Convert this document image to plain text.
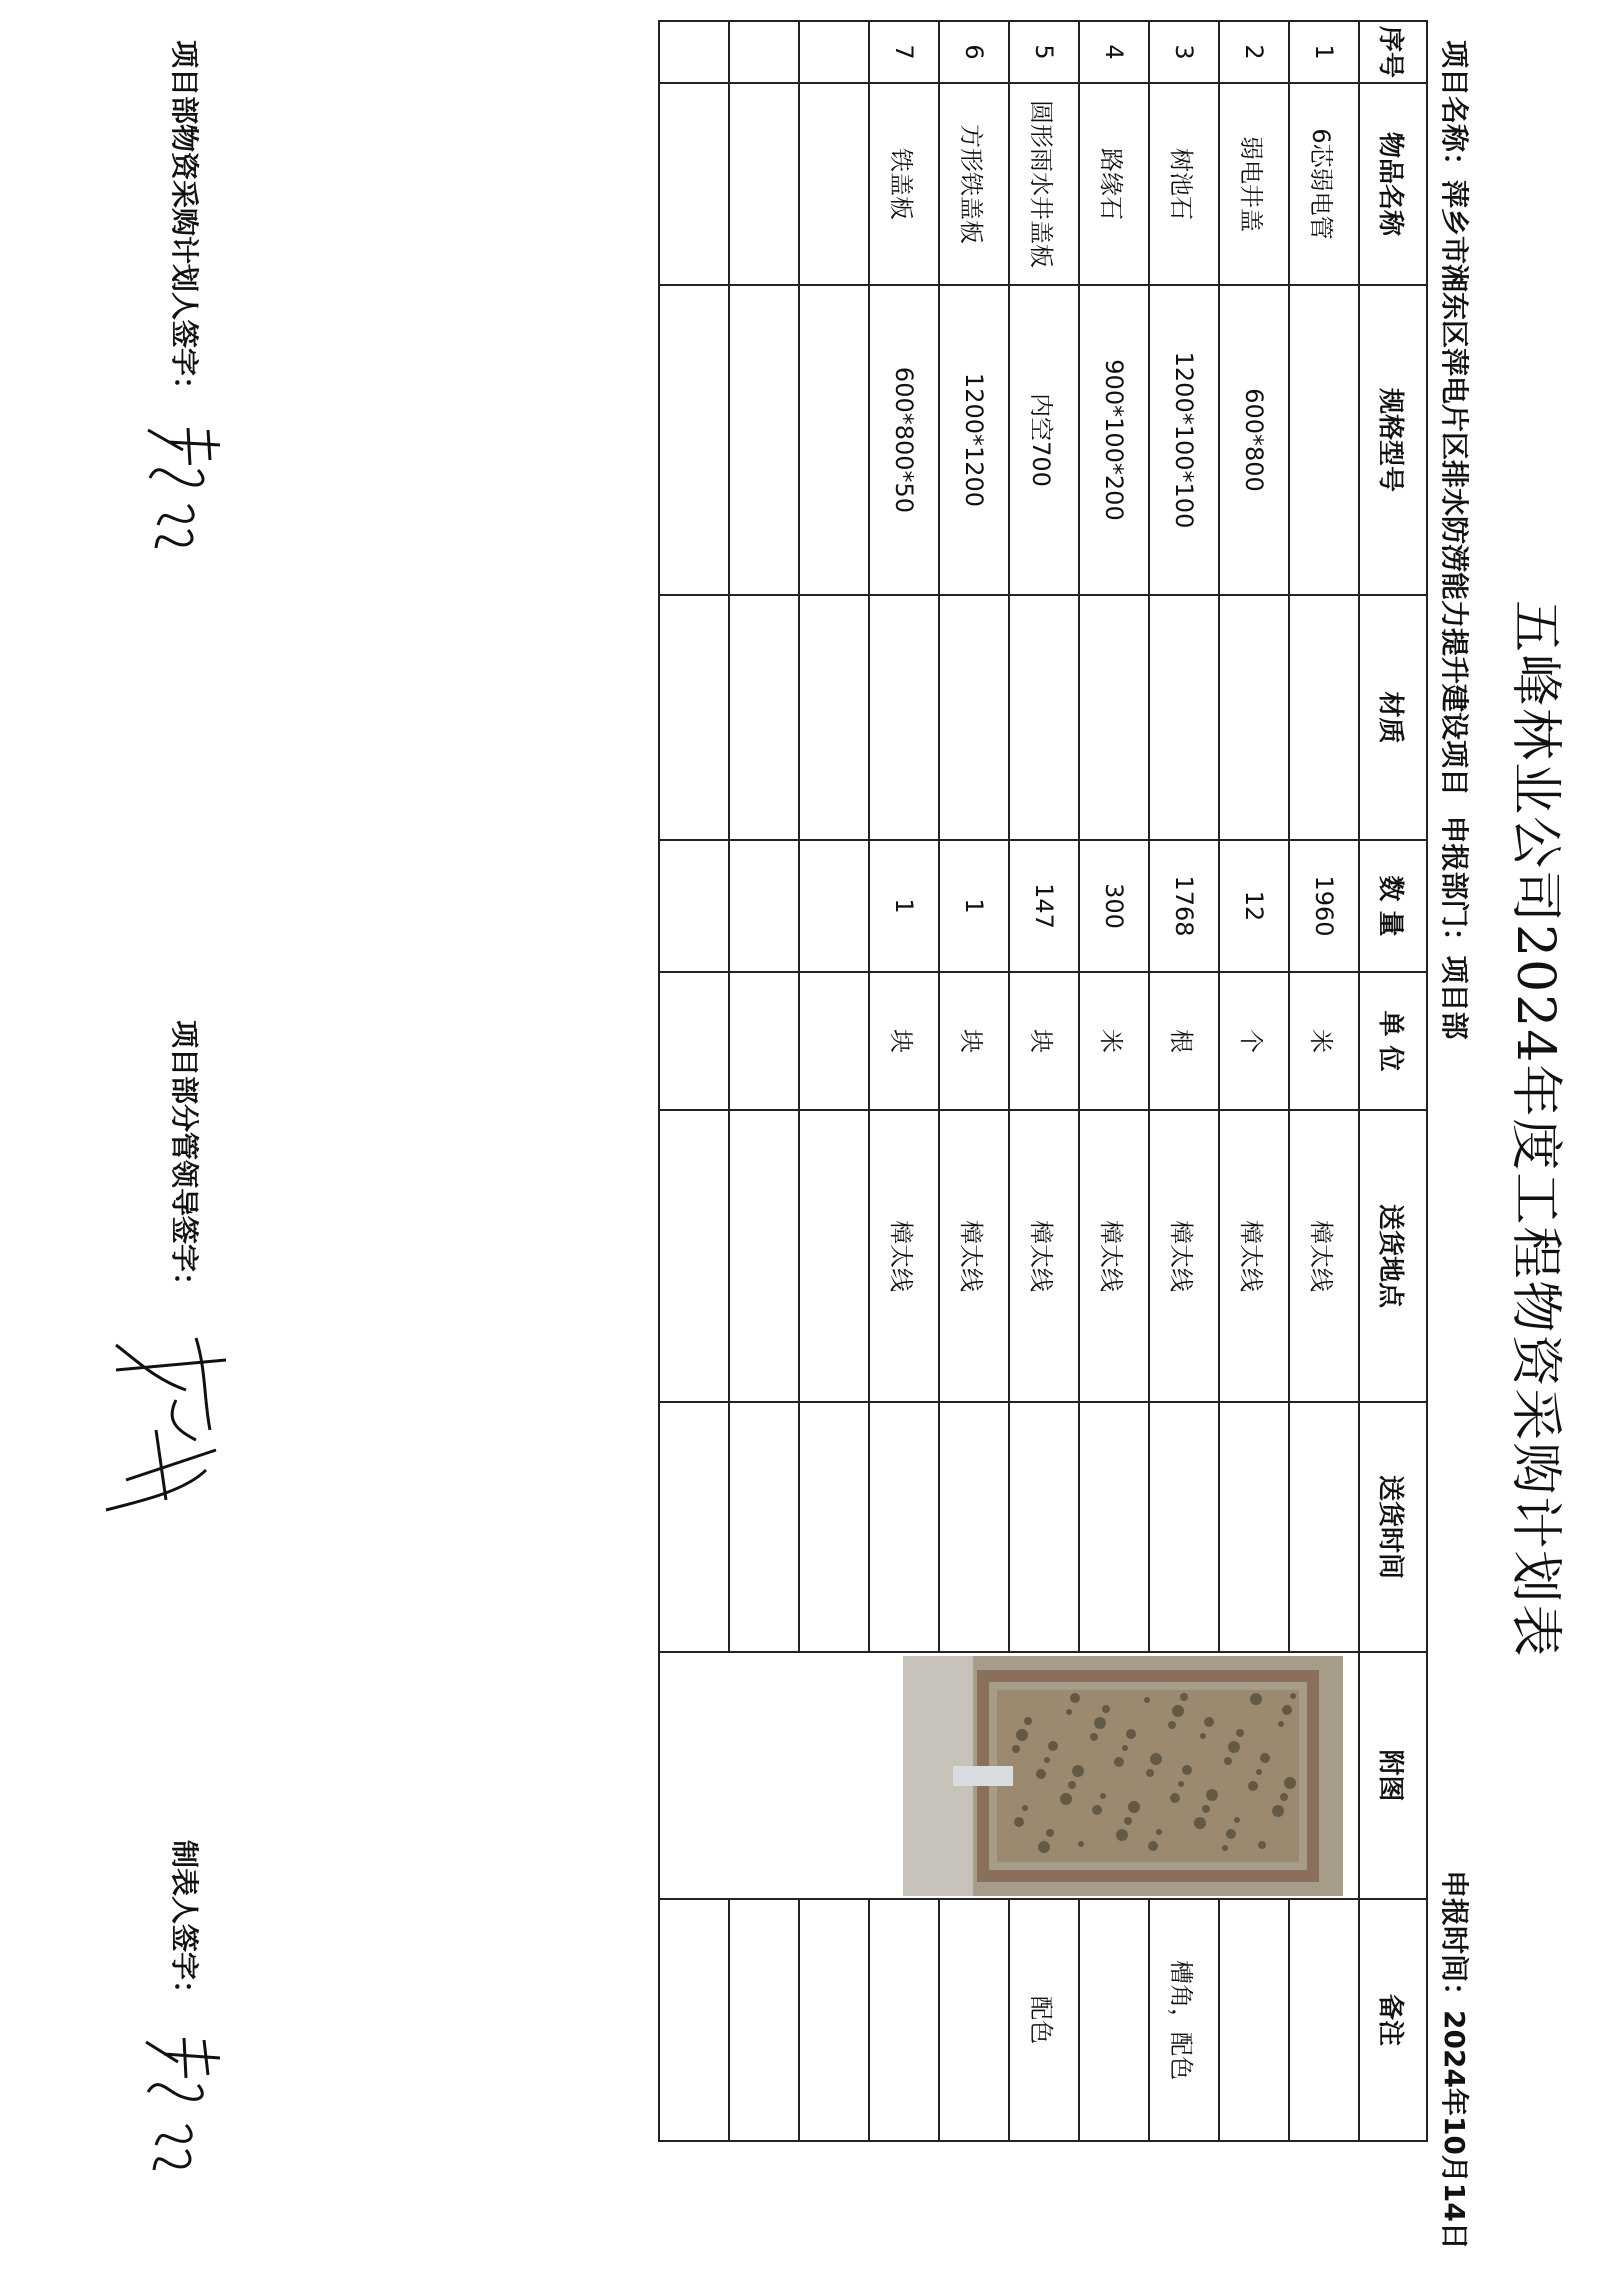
五峰林业公司2024年度工程物资采购计划表
项目名称：萍乡市湘东区萍电片区排水防涝能力提升建设项目  申报部门：项目部
申报时间：2024年10月14日
序号	物品名称	规格型号	材质	数 量	单 位	送货地点	送货时间	附图	备注
1	6芯弱电管			1960	米	樟太线		

2	弱电井盖	600*800		12	个	樟太线			
3	树池石	1200*100*100		1768	根	樟太线			槽角，配色
4	路缘石	900*100*200		300	米	樟太线			
5	圆形雨水井盖板	内空700		147	块	樟太线			配色
6	方形铁盖板	1200*1200		1	块	樟太线			
7	铁盖板	600*800*50		1	块	樟太线			

项目部物资采购计划人签字：
项目部分管领导签字：
制表人签字：
